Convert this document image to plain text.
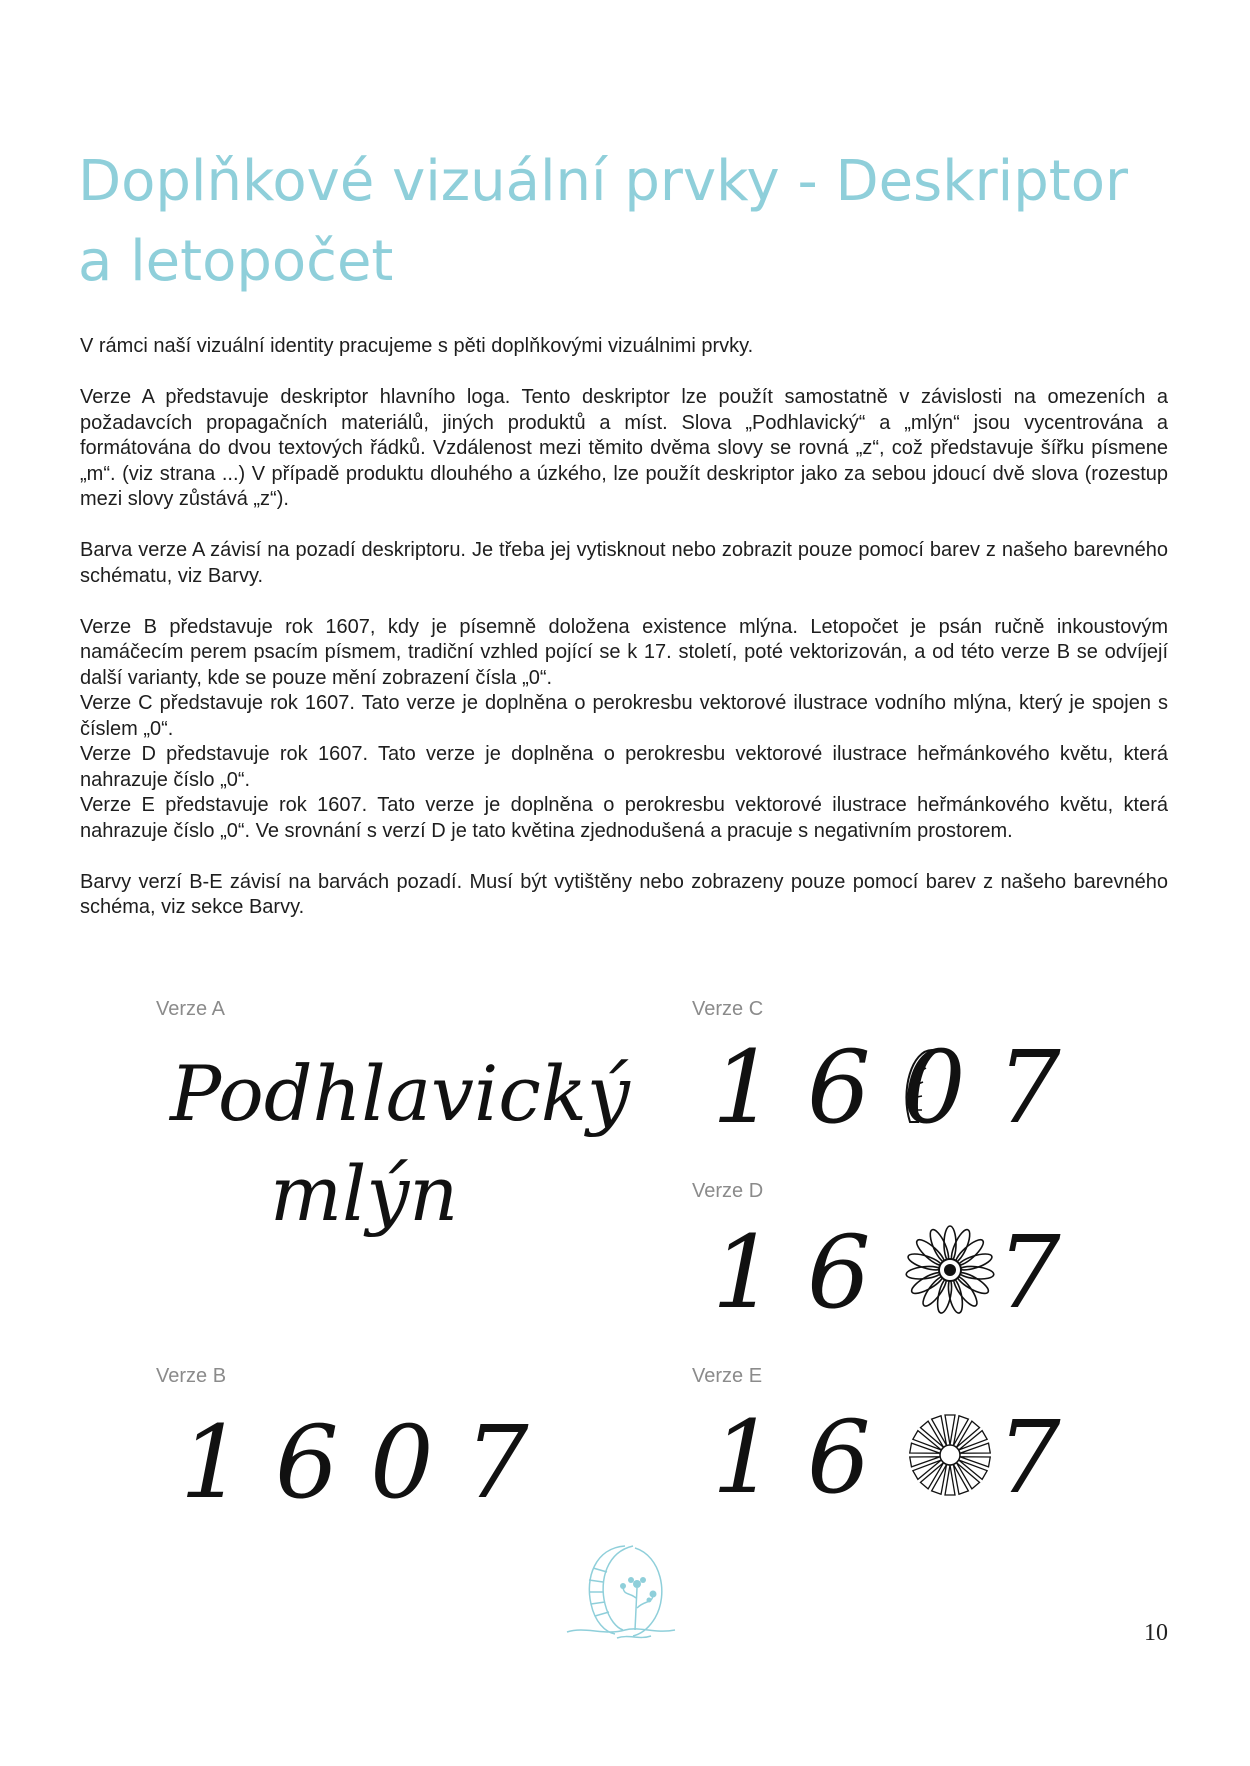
Doplňkové vizuální prvky - Deskriptor
a letopočet

V rámci naší vizuální identity pracujeme s pěti doplňkovými vizuálnimi prvky.

Verze A představuje deskriptor hlavního loga. Tento deskriptor lze použít samostatně v závislosti na omezeních a požadavcích propagačních materiálů, jiných produktů a míst. Slova „Podhlavický“ a „mlýn“ jsou vycentrována a formátována do dvou textových řádků. Vzdálenost mezi těmito dvěma slovy se rovná „z“, což představuje šířku písmene „m“. (viz strana ...) V případě produktu dlouhého a úzkého, lze použít deskriptor jako za sebou jdoucí dvě slova (rozestup mezi slovy zůstává „z“).

Barva verze A závisí na pozadí deskriptoru. Je třeba jej vytisknout nebo zobrazit pouze pomocí barev z našeho barevného schématu, viz Barvy.

Verze B představuje rok 1607, kdy je písemně doložena existence mlýna. Letopočet je psán ručně inkoustovým namáčecím perem psacím písmem, tradiční vzhled pojící se k 17. století, poté vektorizován, a od této verze B se odvíjejí další varianty, kde se pouze mění zobrazení čísla „0“.

Verze C představuje rok 1607. Tato verze je doplněna o perokresbu vektorové ilustrace vodního mlýna, který je spojen s číslem „0“.

Verze D představuje rok 1607. Tato verze je doplněna o perokresbu vektorové ilustrace heřmánkového květu, která nahrazuje číslo „0“.

Verze E představuje rok 1607. Tato verze je doplněna o perokresbu vektorové ilustrace heřmánkového květu, která nahrazuje číslo „0“. Ve srovnání s verzí D je tato květina zjednodušená a pracuje s negativním prostorem.

Barvy verzí B-E závisí na barvách pozadí. Musí být vytištěny nebo zobrazeny pouze pomocí barev z našeho barevného schéma, viz sekce Barvy.

Verze A
Podhlavický
mlýn
Verze B
1 6 0 7
Verze C
1 6 0 7
Verze D
1 6 7
Verze E
1 6 7
10
